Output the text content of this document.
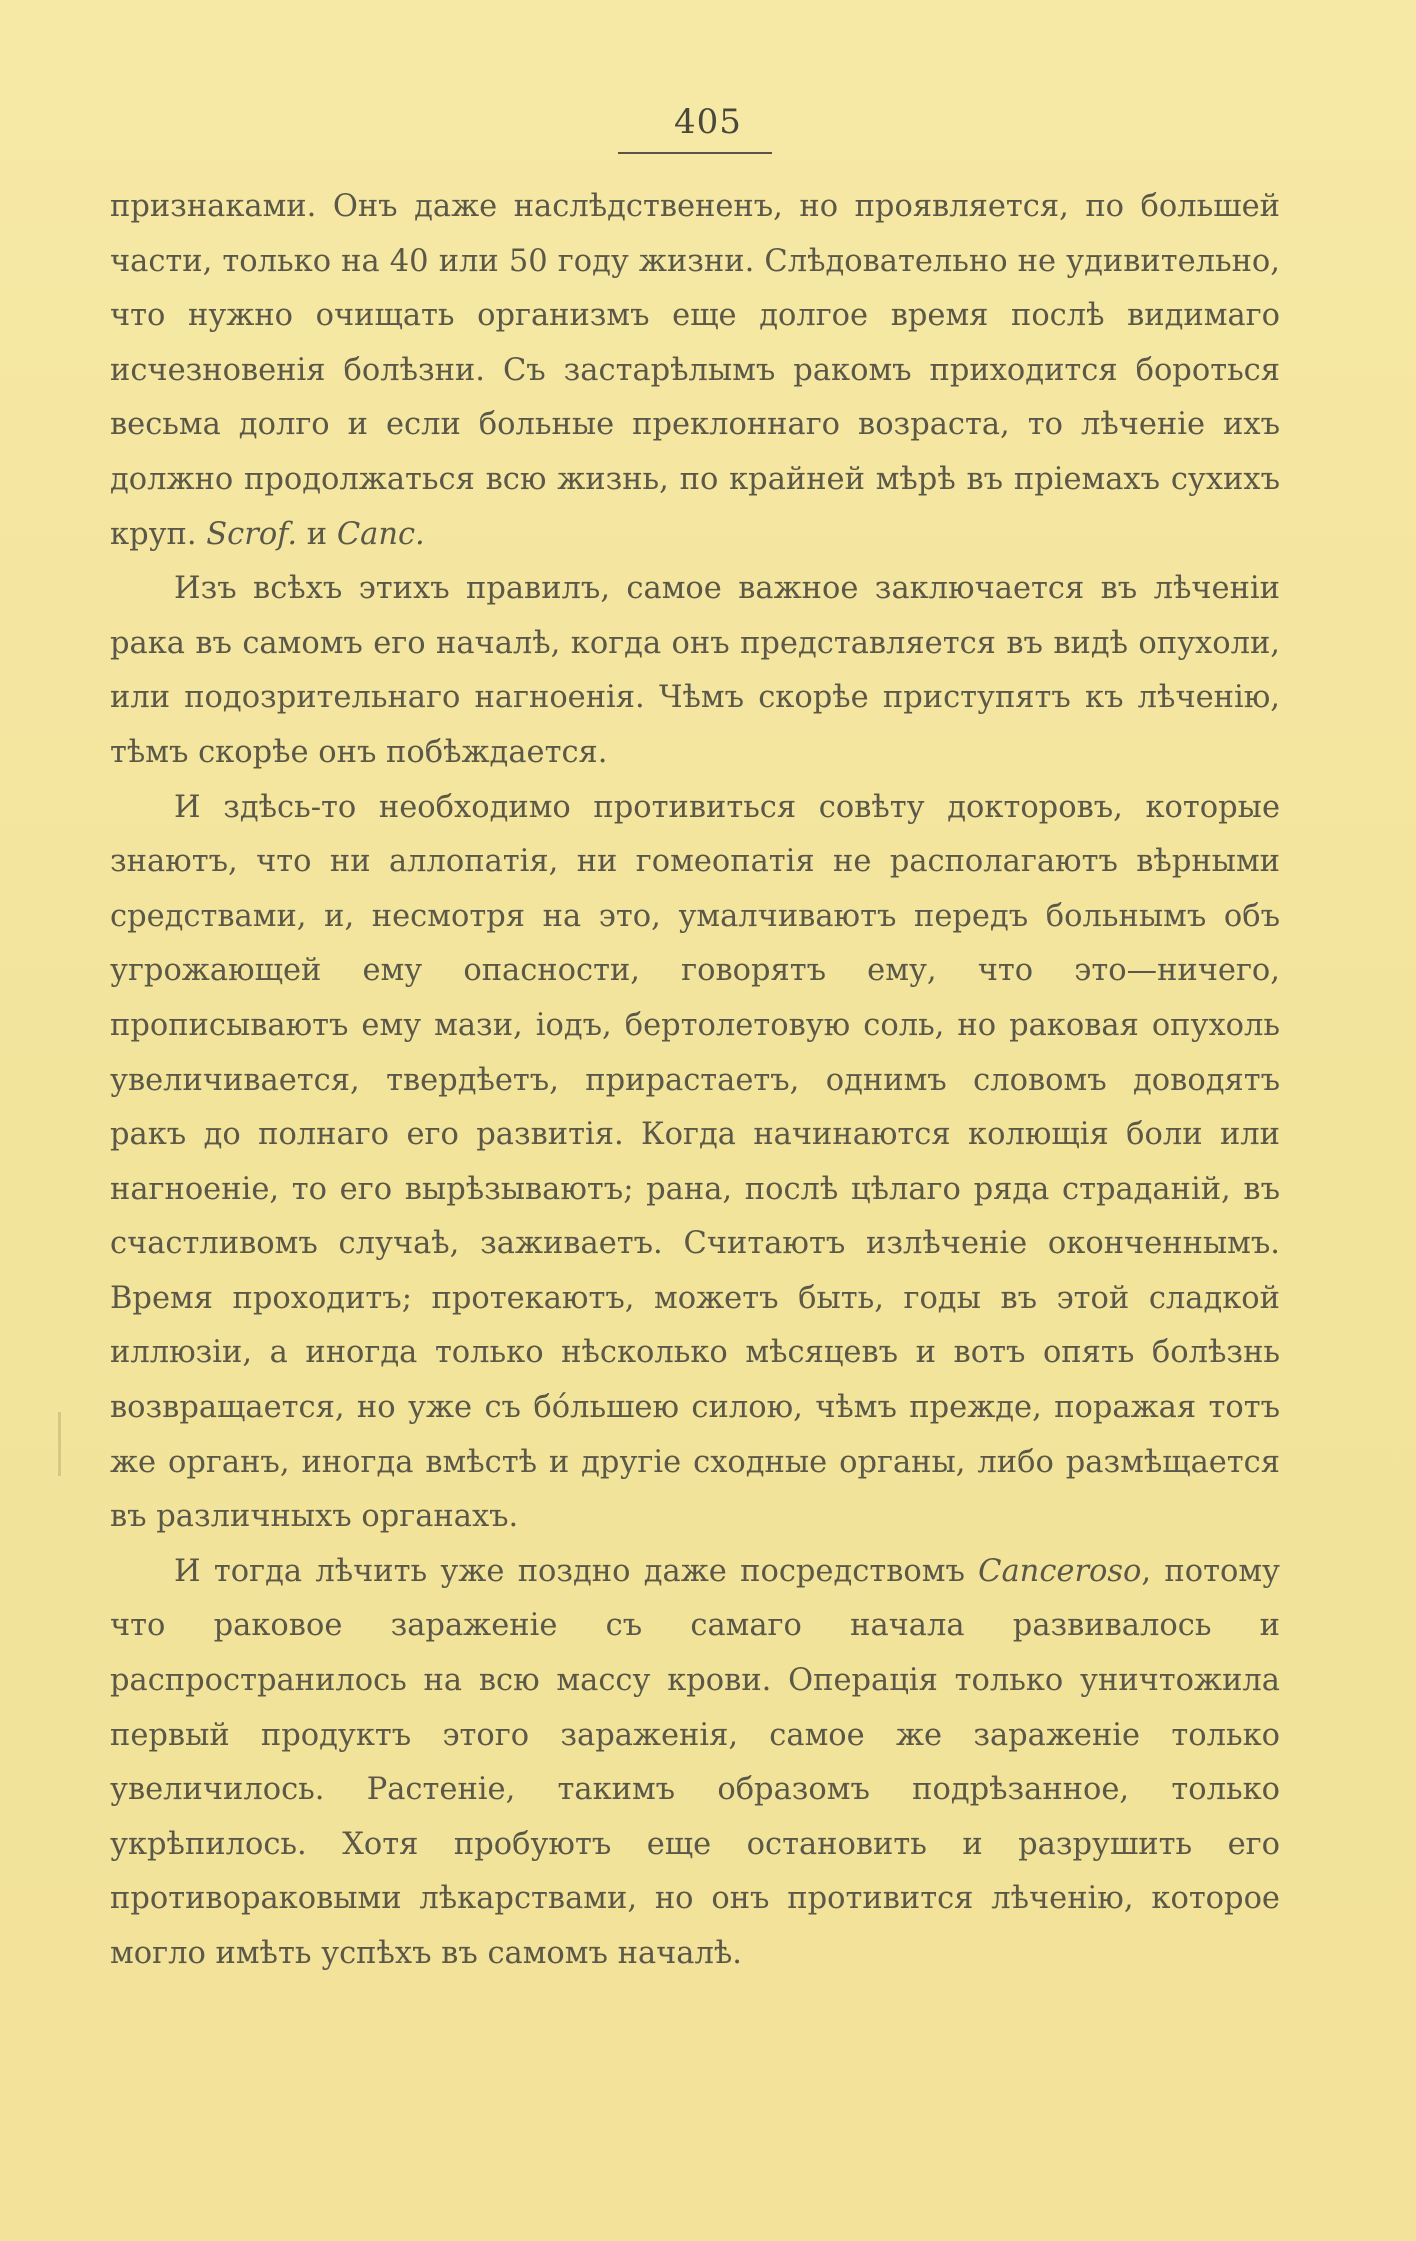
405

признаками. Онъ даже наслѣдствененъ, но проявляется, по большей части, только на 40 или 50 году жизни. Слѣдовательно не удивительно, что нужно очищать организмъ еще долгое время послѣ видимаго исчезновенія болѣзни. Съ застарѣлымъ ракомъ приходится бороться весьма долго и если больные преклоннаго возраста, то лѣченіе ихъ должно продолжаться всю жизнь, по крайней мѣрѣ въ пріемахъ сухихъ круп. Scrof. и Canc.

Изъ всѣхъ этихъ правилъ, самое важное заключается въ лѣченіи рака въ самомъ его началѣ, когда онъ представляется въ видѣ опухоли, или подозрительнаго нагноенія. Чѣмъ скорѣе приступятъ къ лѣченію, тѣмъ скорѣе онъ побѣждается.

И здѣсь-то необходимо противиться совѣту докторовъ, которые знаютъ, что ни аллопатія, ни гомеопатія не располагаютъ вѣрными средствами, и, несмотря на это, умалчиваютъ передъ больнымъ объ угрожающей ему опасности, говорятъ ему, что это—ничего, прописываютъ ему мази, іодъ, бертолетовую соль, но раковая опухоль увеличивается, твердѣетъ, прирастаетъ, однимъ словомъ доводятъ ракъ до полнаго его развитія. Когда начинаются колющія боли или нагноеніе, то его вырѣзываютъ; рана, послѣ цѣлаго ряда страданій, въ счастливомъ случаѣ, заживаетъ. Считаютъ излѣченіе оконченнымъ. Время проходитъ; протекаютъ, можетъ быть, годы въ этой сладкой иллюзіи, а иногда только нѣсколько мѣсяцевъ и вотъ опять болѣзнь возвращается, но уже съ бóльшею силою, чѣмъ прежде, поражая тотъ же органъ, иногда вмѣстѣ и другіе сходные органы, либо размѣщается въ различныхъ органахъ.

И тогда лѣчить уже поздно даже посредствомъ Canceroso, потому что раковое зараженіе съ самаго начала развивалось и распространилось на всю массу крови. Операція только уничтожила первый продуктъ этого зараженія, самое же зараженіе только увеличилось. Растеніе, такимъ образомъ подрѣзанное, только укрѣпилось. Хотя пробуютъ еще остановить и разрушить его противораковыми лѣкарствами, но онъ противится лѣченію, которое могло имѣть успѣхъ въ самомъ началѣ.
